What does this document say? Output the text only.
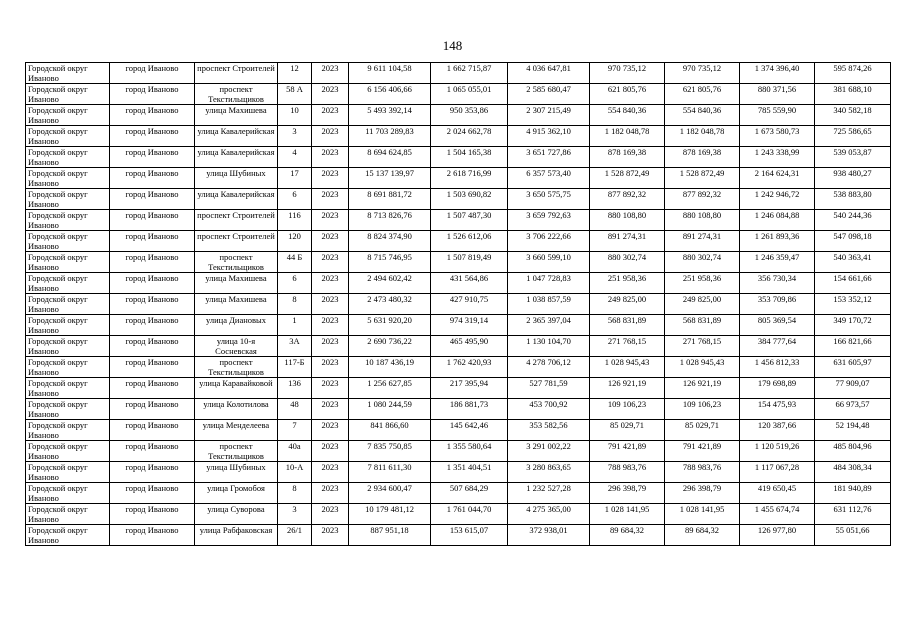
148
Городской округ Иваново	город Иваново	проспект Строителей	12	2023	9 611 104,58	1 662 715,87	4 036 647,81	970 735,12	970 735,12	1 374 396,40	595 874,26
Городской округ Иваново	город Иваново	проспект Текстильщиков	58 А	2023	6 156 406,66	1 065 055,01	2 585 680,47	621 805,76	621 805,76	880 371,56	381 688,10
Городской округ Иваново	город Иваново	улица Махишева	10	2023	5 493 392,14	950 353,86	2 307 215,49	554 840,36	554 840,36	785 559,90	340 582,18
Городской округ Иваново	город Иваново	улица Кавалерийская	3	2023	11 703 289,83	2 024 662,78	4 915 362,10	1 182 048,78	1 182 048,78	1 673 580,73	725 586,65
Городской округ Иваново	город Иваново	улица Кавалерийская	4	2023	8 694 624,85	1 504 165,38	3 651 727,86	878 169,38	878 169,38	1 243 338,99	539 053,87
Городской округ Иваново	город Иваново	улица Шубиных	17	2023	15 137 139,97	2 618 716,99	6 357 573,40	1 528 872,49	1 528 872,49	2 164 624,31	938 480,27
Городской округ Иваново	город Иваново	улица Кавалерийская	6	2023	8 691 881,72	1 503 690,82	3 650 575,75	877 892,32	877 892,32	1 242 946,72	538 883,80
Городской округ Иваново	город Иваново	проспект Строителей	116	2023	8 713 826,76	1 507 487,30	3 659 792,63	880 108,80	880 108,80	1 246 084,88	540 244,36
Городской округ Иваново	город Иваново	проспект Строителей	120	2023	8 824 374,90	1 526 612,06	3 706 222,66	891 274,31	891 274,31	1 261 893,36	547 098,18
Городской округ Иваново	город Иваново	проспект Текстильщиков	44 Б	2023	8 715 746,95	1 507 819,49	3 660 599,10	880 302,74	880 302,74	1 246 359,47	540 363,41
Городской округ Иваново	город Иваново	улица Махишева	6	2023	2 494 602,42	431 564,86	1 047 728,83	251 958,36	251 958,36	356 730,34	154 661,66
Городской округ Иваново	город Иваново	улица Махишева	8	2023	2 473 480,32	427 910,75	1 038 857,59	249 825,00	249 825,00	353 709,86	153 352,12
Городской округ Иваново	город Иваново	улица Диановых	1	2023	5 631 920,20	974 319,14	2 365 397,04	568 831,89	568 831,89	805 369,54	349 170,72
Городской округ Иваново	город Иваново	улица 10-я Сосневская	3А	2023	2 690 736,22	465 495,90	1 130 104,70	271 768,15	271 768,15	384 777,64	166 821,66
Городской округ Иваново	город Иваново	проспект Текстильщиков	117-Б	2023	10 187 436,19	1 762 420,93	4 278 706,12	1 028 945,43	1 028 945,43	1 456 812,33	631 605,97
Городской округ Иваново	город Иваново	улица Каравайковой	136	2023	1 256 627,85	217 395,94	527 781,59	126 921,19	126 921,19	179 698,89	77 909,07
Городской округ Иваново	город Иваново	улица Колотилова	48	2023	1 080 244,59	186 881,73	453 700,92	109 106,23	109 106,23	154 475,93	66 973,57
Городской округ Иваново	город Иваново	улица Менделеева	7	2023	841 866,60	145 642,46	353 582,56	85 029,71	85 029,71	120 387,66	52 194,48
Городской округ Иваново	город Иваново	проспект Текстильщиков	40а	2023	7 835 750,85	1 355 580,64	3 291 002,22	791 421,89	791 421,89	1 120 519,26	485 804,96
Городской округ Иваново	город Иваново	улица Шубиных	10-А	2023	7 811 611,30	1 351 404,51	3 280 863,65	788 983,76	788 983,76	1 117 067,28	484 308,34
Городской округ Иваново	город Иваново	улица Громобоя	8	2023	2 934 600,47	507 684,29	1 232 527,28	296 398,79	296 398,79	419 650,45	181 940,89
Городской округ Иваново	город Иваново	улица Суворова	3	2023	10 179 481,12	1 761 044,70	4 275 365,00	1 028 141,95	1 028 141,95	1 455 674,74	631 112,76
Городской округ Иваново	город Иваново	улица Рабфаковская	26/1	2023	887 951,18	153 615,07	372 938,01	89 684,32	89 684,32	126 977,80	55 051,66
